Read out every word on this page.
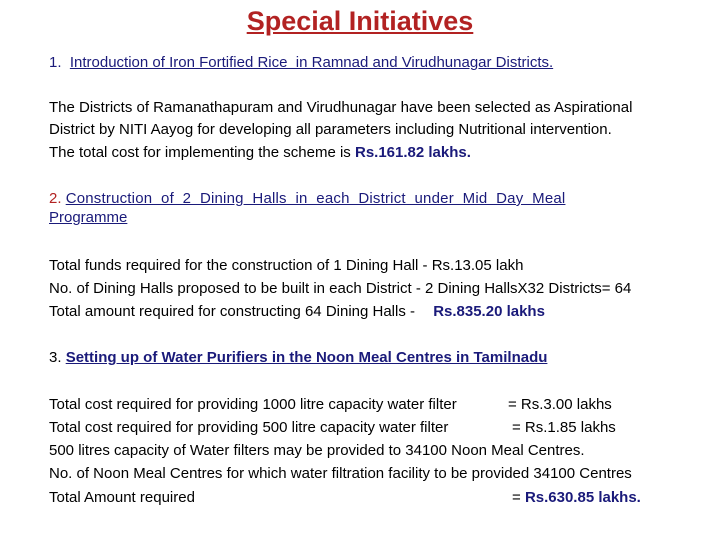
Special Initiatives
1. Introduction of Iron Fortified Rice  in Ramnad and Virudhunagar Districts.
The Districts of Ramanathapuram and Virudhunagar have been selected as Aspirational
District by NITI Aayog for developing all parameters including Nutritional intervention.
The total cost for implementing the scheme is Rs.161.82 lakhs.
2. Construction  of  2  Dining  Halls  in  each  District  under  Mid  Day  Meal
Programme
Total funds required for the construction of 1 Dining Hall - Rs.13.05 lakh
No. of Dining Halls proposed to be built in each District - 2 Dining HallsX32 Districts= 64
Total amount required for constructing 64 Dining Halls - Rs.835.20 lakhs
3. Setting up of Water Purifiers in the Noon Meal Centres in Tamilnadu
Total cost required for providing 1000 litre capacity water filter	= Rs.3.00 lakhs
Total cost required for providing 500 litre capacity water filter	= Rs.1.85 lakhs
500 litres capacity of Water filters may be provided to 34100 Noon Meal Centres.
No. of Noon Meal Centres for which water filtration facility to be provided 34100 Centres
Total Amount required	= Rs.630.85 lakhs.
